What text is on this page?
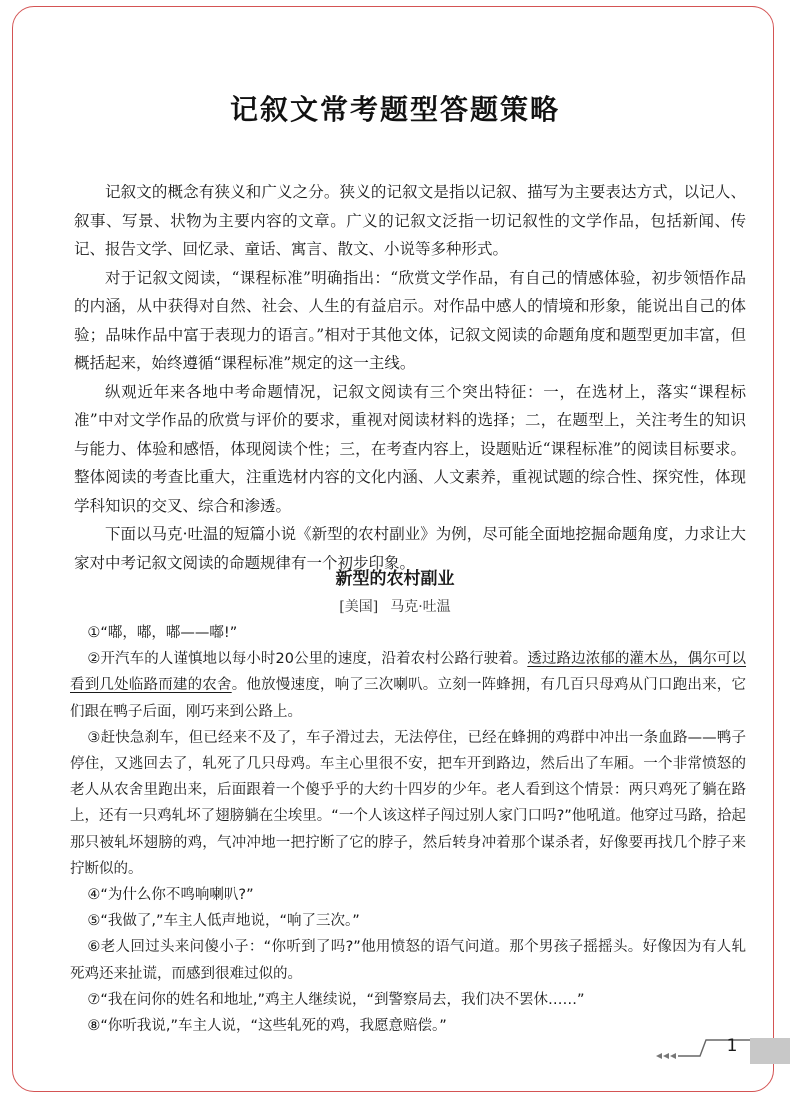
记叙文常考题型答题策略

记叙文的概念有狭义和广义之分。狭义的记叙文是指以记叙、描写为主要表达方式，以记人、叙事、写景、状物为主要内容的文章。广义的记叙文泛指一切记叙性的文学作品，包括新闻、传记、报告文学、回忆录、童话、寓言、散文、小说等多种形式。

对于记叙文阅读，“课程标准”明确指出：“欣赏文学作品，有自己的情感体验，初步领悟作品的内涵，从中获得对自然、社会、人生的有益启示。对作品中感人的情境和形象，能说出自己的体验；品味作品中富于表现力的语言。”相对于其他文体，记叙文阅读的命题角度和题型更加丰富，但概括起来，始终遵循“课程标准”规定的这一主线。

纵观近年来各地中考命题情况，记叙文阅读有三个突出特征：一，在选材上，落实“课程标准”中对文学作品的欣赏与评价的要求，重视对阅读材料的选择；二，在题型上，关注考生的知识与能力、体验和感悟，体现阅读个性；三，在考查内容上，设题贴近“课程标准”的阅读目标要求。整体阅读的考查比重大，注重选材内容的文化内涵、人文素养，重视试题的综合性、探究性，体现学科知识的交叉、综合和渗透。

下面以马克·吐温的短篇小说《新型的农村副业》为例，尽可能全面地挖掘命题角度，力求让大家对中考记叙文阅读的命题规律有一个初步印象。

新型的农村副业
[美国] 马克·吐温

①“嘟，嘟，嘟——嘟!”

②开汽车的人谨慎地以每小时20公里的速度，沿着农村公路行驶着。透过路边浓郁的灌木丛，偶尔可以看到几处临路而建的农舍。他放慢速度，响了三次喇叭。立刻一阵蜂拥，有几百只母鸡从门口跑出来，它们跟在鸭子后面，刚巧来到公路上。

③赶快急刹车，但已经来不及了，车子滑过去，无法停住，已经在蜂拥的鸡群中冲出一条血路——鸭子停住，又逃回去了，轧死了几只母鸡。车主心里很不安，把车开到路边，然后出了车厢。一个非常愤怒的老人从农舍里跑出来，后面跟着一个傻乎乎的大约十四岁的少年。老人看到这个情景：两只鸡死了躺在路上，还有一只鸡轧坏了翅膀躺在尘埃里。“一个人该这样子闯过别人家门口吗?”他吼道。他穿过马路，拾起那只被轧坏翅膀的鸡，气冲冲地一把拧断了它的脖子，然后转身冲着那个谋杀者，好像要再找几个脖子来拧断似的。

④“为什么你不鸣响喇叭?”

⑤“我做了,”车主人低声地说，“响了三次。”

⑥老人回过头来问傻小子：“你听到了吗?”他用愤怒的语气问道。那个男孩子摇摇头。好像因为有人轧死鸡还来扯谎，而感到很难过似的。

⑦“我在问你的姓名和地址,”鸡主人继续说，“到警察局去，我们决不罢休……”

⑧“你听我说,”车主人说，“这些轧死的鸡，我愿意赔偿。”

1
